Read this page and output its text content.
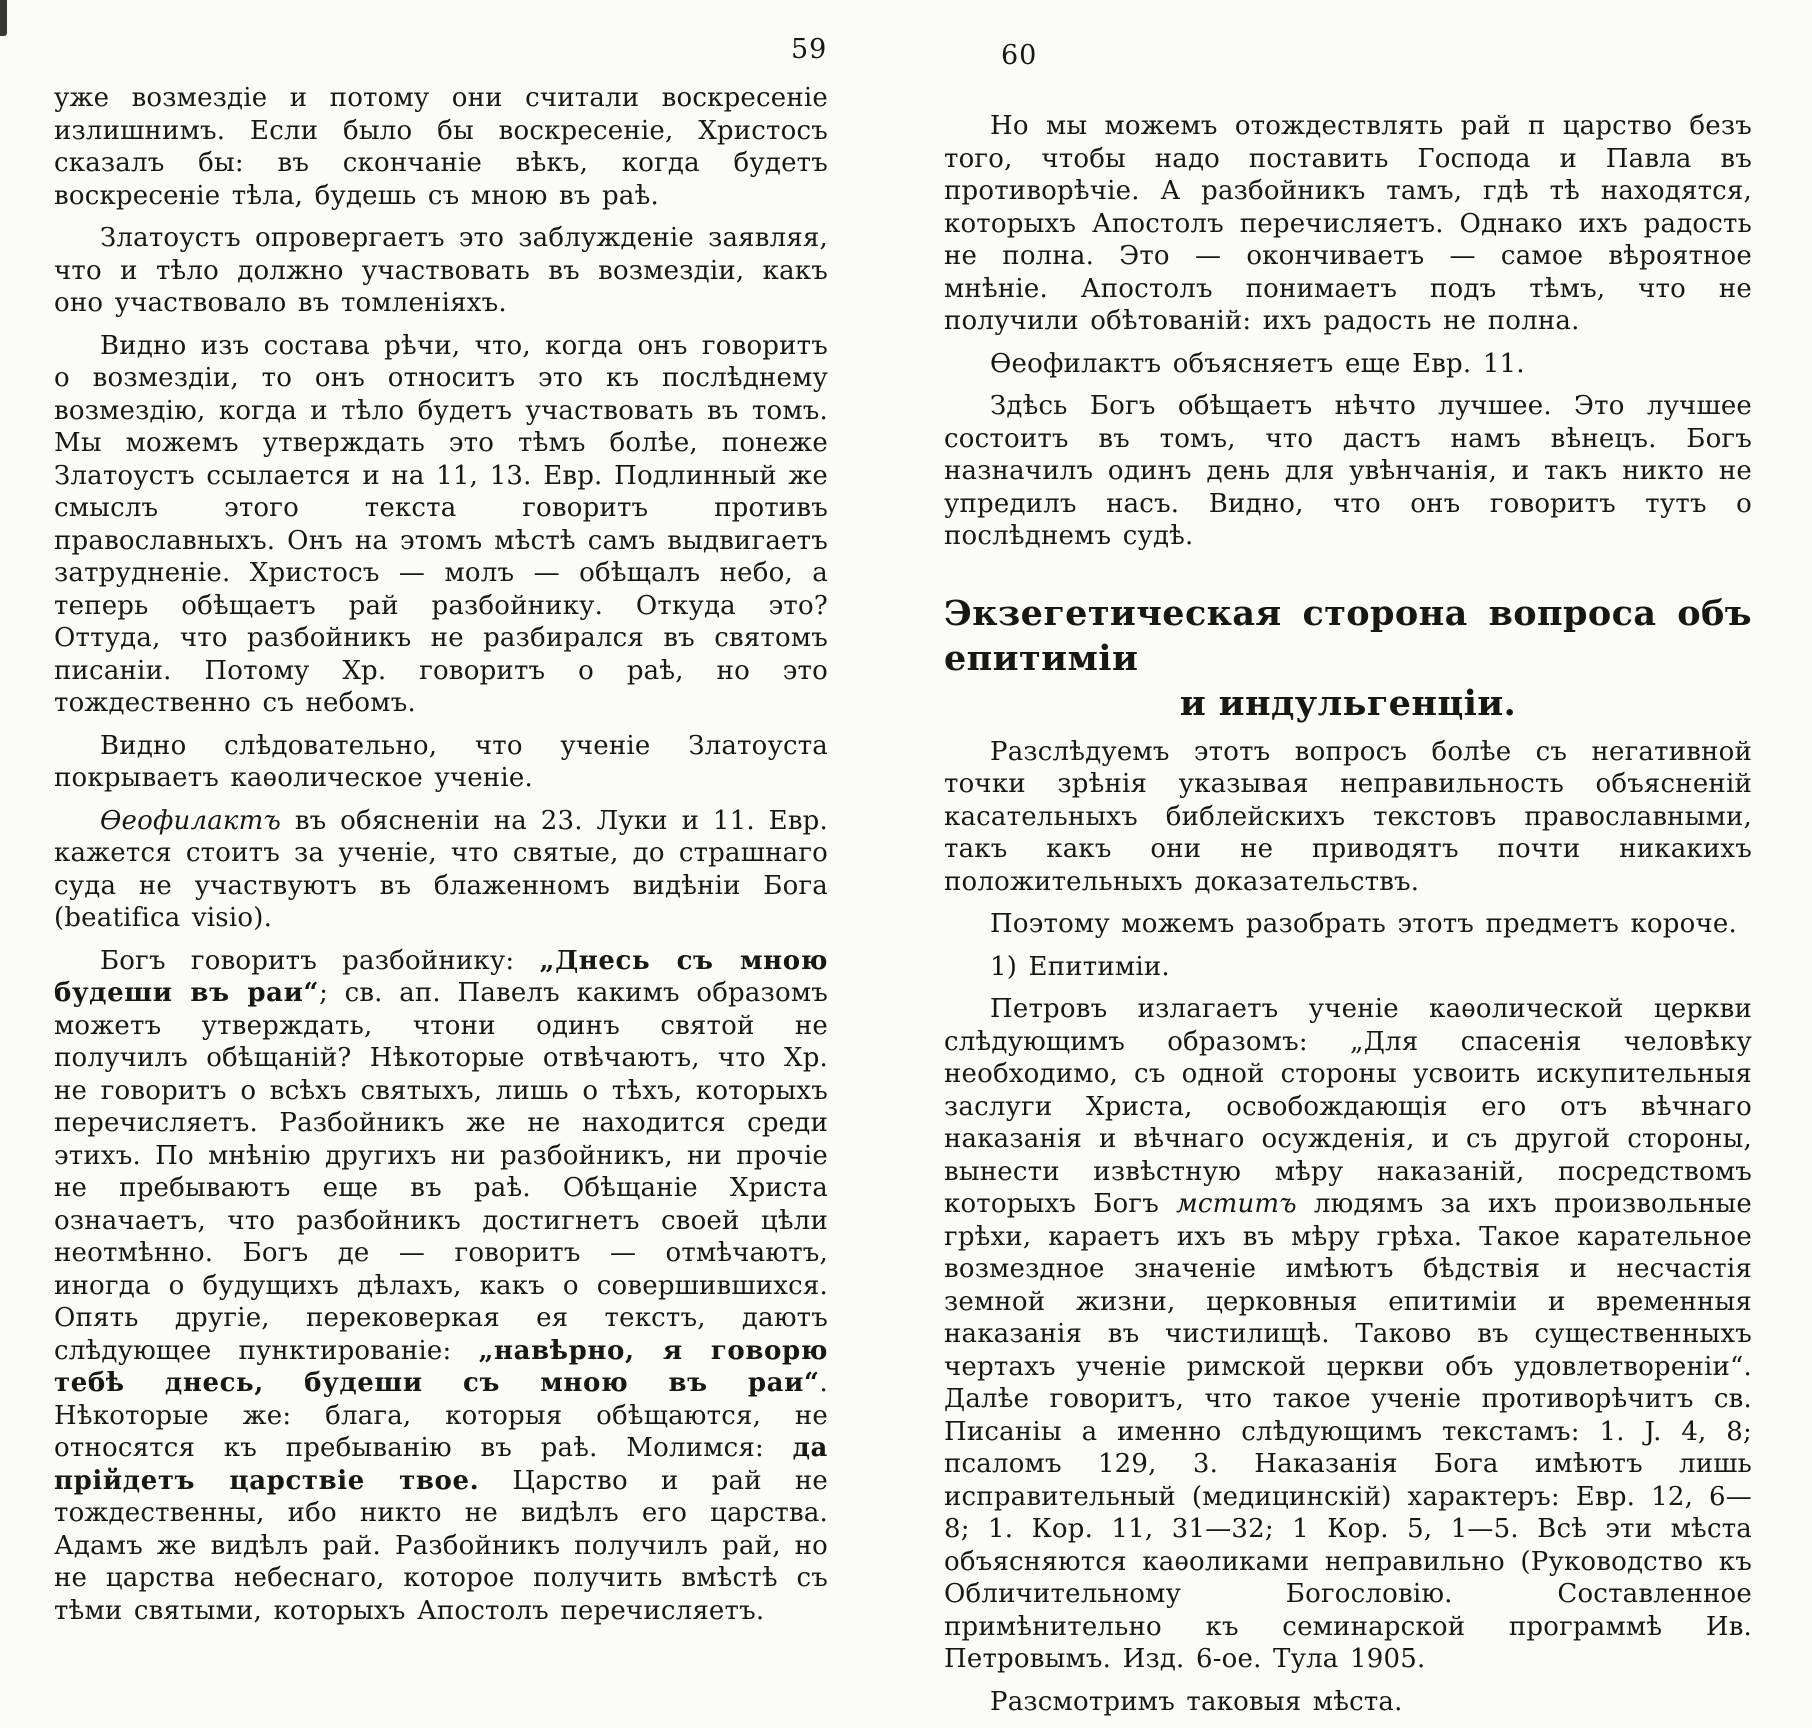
59	60

уже возмездіе и потому они считали воскресеніе излишнимъ. Если было бы воскресеніе, Христосъ сказалъ бы: въ скончаніе вѣкъ, когда будетъ воскресеніе тѣла, будешь съ мною въ раѣ.

Златоустъ опровергаетъ это заблужденіе заявляя, что и тѣло должно участвовать въ возмездіи, какъ оно участвовало въ томленіяхъ.

Видно изъ состава рѣчи, что, когда онъ говоритъ о возмездіи, то онъ относитъ это къ послѣднему возмездію, когда и тѣло будетъ участвовать въ томъ. Мы можемъ утверждать это тѣмъ болѣе, понеже Златоустъ ссылается и на 11, 13. Евр. Подлинный же смыслъ этого текста говоритъ противъ православныхъ. Онъ на этомъ мѣстѣ самъ выдвигаетъ затрудненіе. Христосъ — молъ — обѣщалъ небо, а теперь обѣщаетъ рай разбойнику. Откуда это? Оттуда, что разбойникъ не разбирался въ святомъ писаніи. Потому Хр. говоритъ о раѣ, но это тождественно съ небомъ.

Видно слѣдовательно, что ученіе Златоуста покрываетъ каѳолическое ученіе.

Ѳеофилактъ въ обясненіи на 23. Луки и 11. Евр. кажется стоитъ за ученіе, что святые, до страшнаго суда не участвуютъ въ блаженномъ видѣніи Бога (beatifica visio).

Богъ говоритъ разбойнику: „Днесь съ мною будеши въ раи“; св. ап. Павелъ какимъ образомъ можетъ утверждать, чтони одинъ святой не получилъ обѣщаній? Нѣкоторые отвѣчаютъ, что Хр. не говоритъ о всѣхъ святыхъ, лишь о тѣхъ, которыхъ перечисляетъ. Разбойникъ же не находится среди этихъ. По мнѣнію другихъ ни разбойникъ, ни прочіе не пребываютъ еще въ раѣ. Обѣщаніе Христа означаетъ, что разбойникъ достигнетъ своей цѣли неотмѣнно. Богъ де — говоритъ — отмѣчаютъ, иногда о будущихъ дѣлахъ, какъ о совершившихся. Опять другіе, перековеркая ея текстъ, даютъ слѣдующее пунктированіе: „навѣрно, я говорю тебѣ днесь, будеши съ мною въ раи“. Нѣкоторые же: блага, которыя обѣщаются, не относятся къ пребыванію въ раѣ. Молимся: да прійдетъ царствіе твое. Царство и рай не тождественны, ибо никто не видѣлъ его царства. Адамъ же видѣлъ рай. Разбойникъ получилъ рай, но не царства небеснаго, которое получить вмѣстѣ съ тѣми святыми, которыхъ Апостолъ перечисляетъ.

Но мы можемъ отождествлять рай п царство безъ того, чтобы надо поставить Господа и Павла въ противорѣчіе. А разбойникъ тамъ, гдѣ тѣ находятся, которыхъ Апостолъ перечисляетъ. Однако ихъ радость не полна. Это — окончиваетъ — самое вѣроятное мнѣніе. Апостолъ понимаетъ подъ тѣмъ, что не получили обѣтованій: ихъ радость не полна.

Ѳеофилактъ объясняетъ еще Евр. 11.

Здѣсь Богъ обѣщаетъ нѣчто лучшее. Это лучшее состоитъ въ томъ, что дастъ намъ вѣнецъ. Богъ назначилъ одинъ день для увѣнчанія, и такъ никто не упредилъ насъ. Видно, что онъ говоритъ тутъ о послѣднемъ судѣ.

Экзегетическая сторона вопроса объ епитиміи
и индульгенціи.

Разслѣдуемъ этотъ вопросъ болѣе съ негативной точки зрѣнія указывая неправильность объясненій касательныхъ библейскихъ текстовъ православными, такъ какъ они не приводятъ почти никакихъ положительныхъ доказательствъ.

Поэтому можемъ разобрать этотъ предметъ короче.

1) Епитиміи.

Петровъ излагаетъ ученіе каѳолической церкви слѣдующимъ образомъ: „Для спасенія человѣку необходимо, съ одной стороны усвоить искупительныя заслуги Христа, освобождающія его отъ вѣчнаго наказанія и вѣчнаго осужденія, и съ другой стороны, вынести извѣстную мѣру наказаній, посредствомъ которыхъ Богъ мститъ людямъ за ихъ произвольные грѣхи, караетъ ихъ въ мѣру грѣха. Такое карательное возмездное значеніе имѣютъ бѣдствія и несчастія земной жизни, церковныя епитиміи и временныя наказанія въ чистилищѣ. Таково въ существенныхъ чертахъ ученіе римской церкви объ удовлетвореніи“. Далѣе говоритъ, что такое ученіе противорѣчитъ св. Писаніы а именно слѣдующимъ текстамъ: 1. J. 4, 8; псаломъ 129, 3. Наказанія Бога имѣютъ лишь исправительный (медицинскій) характеръ: Евр. 12, 6—8; 1. Кор. 11, 31—32; 1 Кор. 5, 1—5. Всѣ эти мѣста объясняются каѳоликами неправильно (Руководство къ Обличительному Богословію. Составленное примѣнительно къ семинарской программѣ Ив. Петровымъ. Изд. 6-ое. Тула 1905.

Разсмотримъ таковыя мѣста.
